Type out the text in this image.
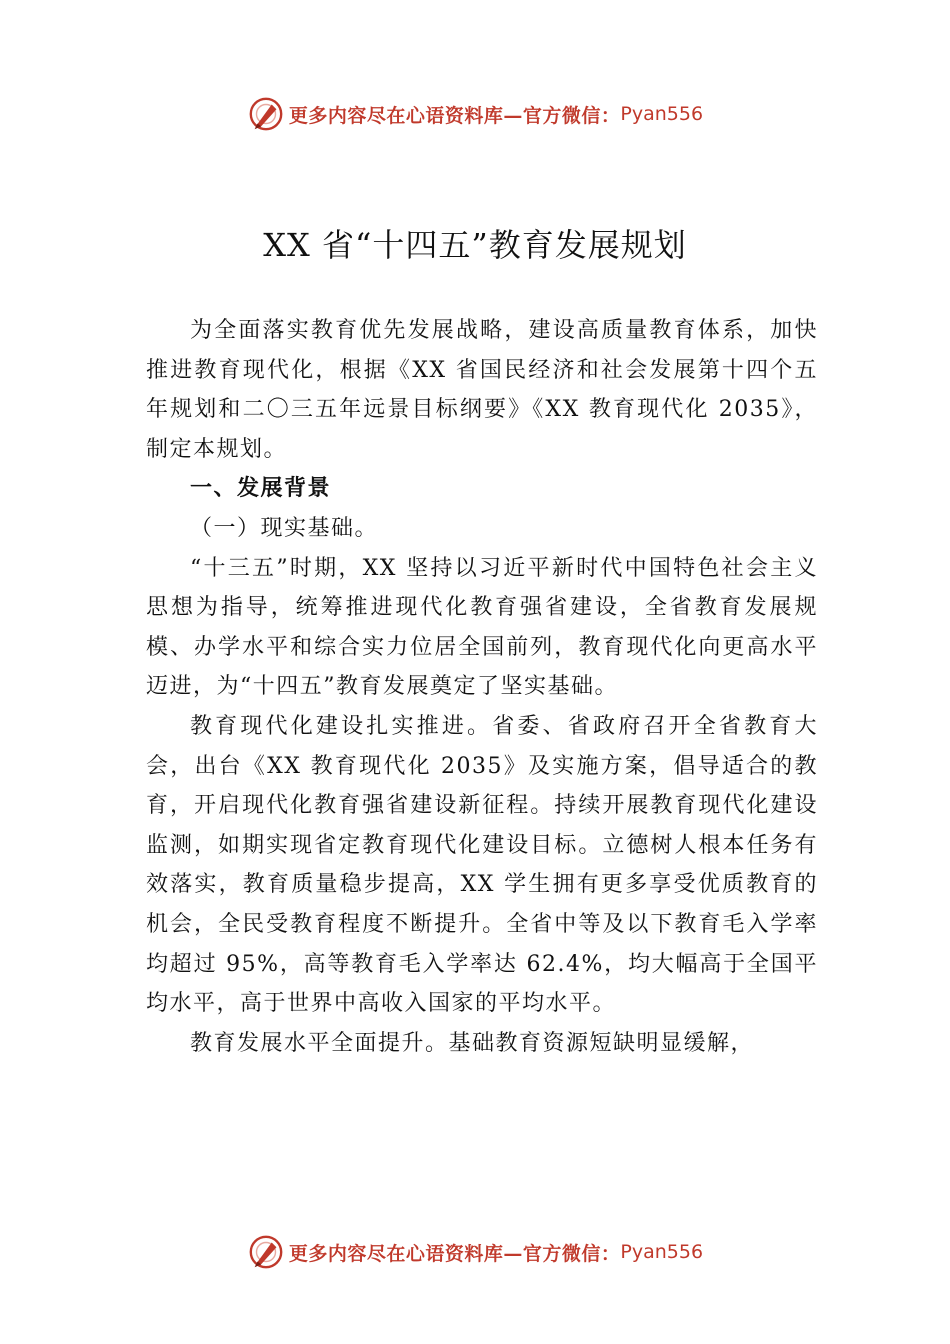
更多内容尽在心语资料库—官方微信： Pyan556
XX 省“十四五”教育发展规划

为全面落实教育优先发展战略，建设高质量教育体系，加快推进教育现代化，根据《XX 省国民经济和社会发展第十四个五年规划和二〇三五年远景目标纲要》《XX 教育现代化 2035》，制定本规划。

一、发展背景

（一）现实基础。

“十三五”时期，XX 坚持以习近平新时代中国特色社会主义思想为指导，统筹推进现代化教育强省建设，全省教育发展规模、办学水平和综合实力位居全国前列，教育现代化向更高水平迈进，为“十四五”教育发展奠定了坚实基础。

教育现代化建设扎实推进。省委、省政府召开全省教育大会，出台《XX 教育现代化 2035》及实施方案，倡导适合的教育，开启现代化教育强省建设新征程。持续开展教育现代化建设监测，如期实现省定教育现代化建设目标。立德树人根本任务有效落实，教育质量稳步提高，XX 学生拥有更多享受优质教育的机会，全民受教育程度不断提升。全省中等及以下教育毛入学率均超过 95%，高等教育毛入学率达 62.4%，均大幅高于全国平均水平，高于世界中高收入国家的平均水平。

教育发展水平全面提升。基础教育资源短缺明显缓解，

更多内容尽在心语资料库—官方微信： Pyan556
